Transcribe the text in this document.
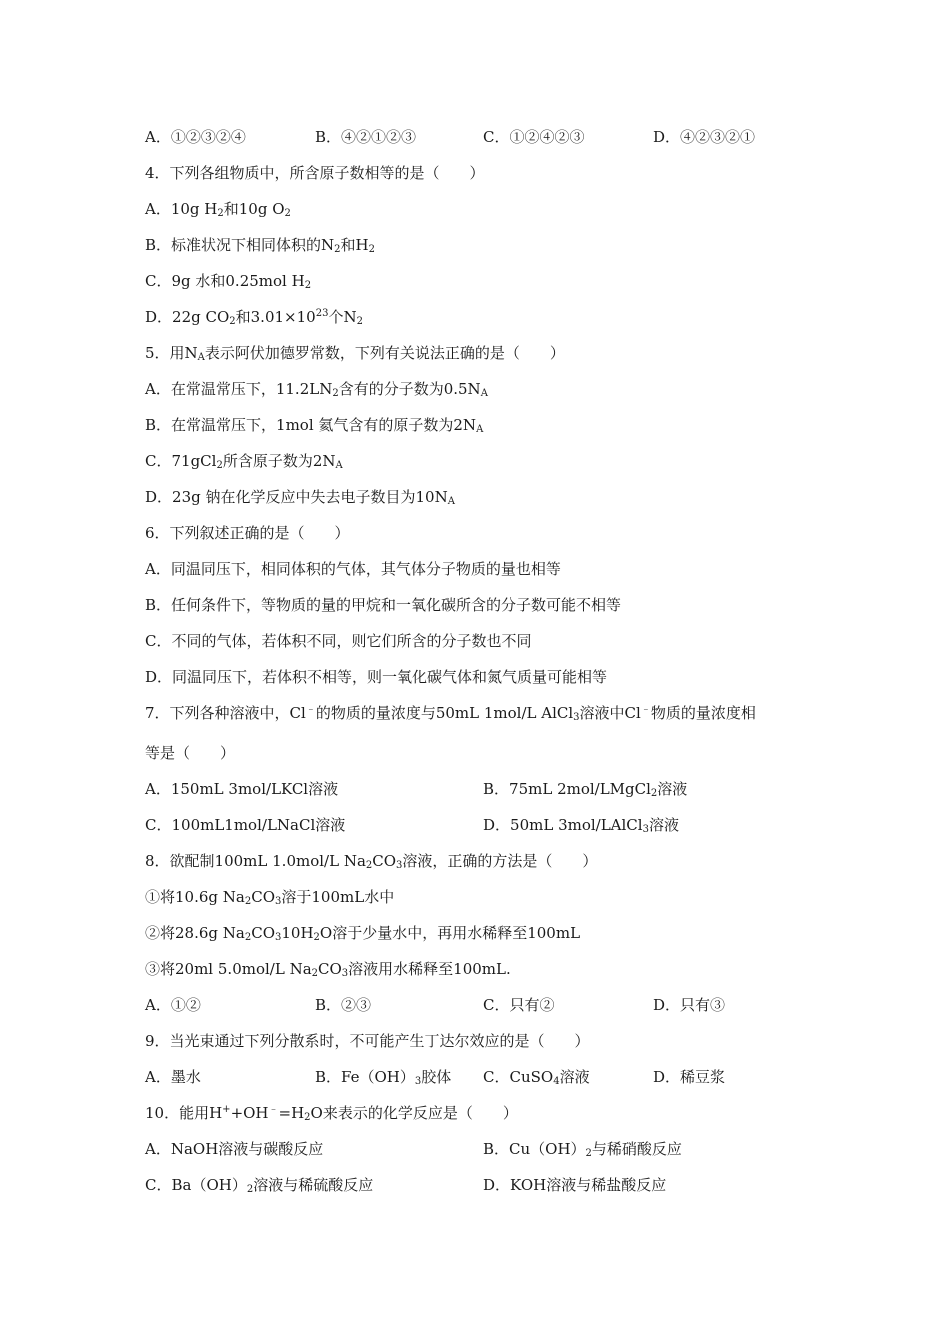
A．①②③②④	B．④②①②③	C．①②④②③	D．④②③②①
4．下列各组物质中，所含原子数相等的是（　　）
A．10g $H_2$和10g $O_2$
B．标准状况下相同体积的$N_2$和$H_2$
C．9g 水和0.25mol $H_2$
D．22g $CO_2$和$3.01\times 10^{23}$个$N_2$
5．用$N_A$表示阿伏加德罗常数，下列有关说法正确的是（　　）
A．在常温常压下，$11.2LN_2$含有的分子数为$0.5N_A$
B．在常温常压下，1mol 氦气含有的原子数为$2N_A$
C．71gCl$_2$所含原子数为$2N_A$
D．23g 钠在化学反应中失去电子数目为$10N_A$
6．下列叙述正确的是（　　）
A．同温同压下，相同体积的气体，其气体分子物质的量也相等
B．任何条件下，等物质的量的甲烷和一氧化碳所含的分子数可能不相等
C．不同的气体，若体积不同，则它们所含的分子数也不同
D．同温同压下，若体积不相等，则一氧化碳气体和氮气质量可能相等
7．下列各种溶液中，Cl﹣的物质的量浓度与50mL 1mol/L AlCl$_3$溶液中Cl﹣物质的量浓度相
等是（　　）
A．150mL 3mol/LKCl溶液	B．75mL 2mol/LMgCl$_2$溶液
C．100mL1mol/LNaCl溶液	D．50mL 3mol/LAlCl$_3$溶液
8．欲配制100mL 1.0mol/L $Na_2CO_3$溶液，正确的方法是（　　）
①将10.6g $Na_2CO_3$溶于100mL水中
②将28.6g $Na_2CO_310H_2O$溶于少量水中，再用水稀释至100mL
③将20ml 5.0mol/L $Na_2CO_3$溶液用水稀释至100mL.
A．①②	B．②③	C．只有②	D．只有③
9．当光束通过下列分散系时，不可能产生丁达尔效应的是（　　）
A．墨水	B．$Fe(OH)_3$胶体 C．CuSO$_4$溶液	D．稀豆浆
10．能用$H^++OH^﹣=H_2O$来表示的化学反应是（　　）
A．NaOH溶液与碳酸反应	B．$Cu(OH)_2$与稀硝酸反应
C．$Ba(OH)_2$溶液与稀硫酸反应	D．KOH溶液与稀盐酸反应
